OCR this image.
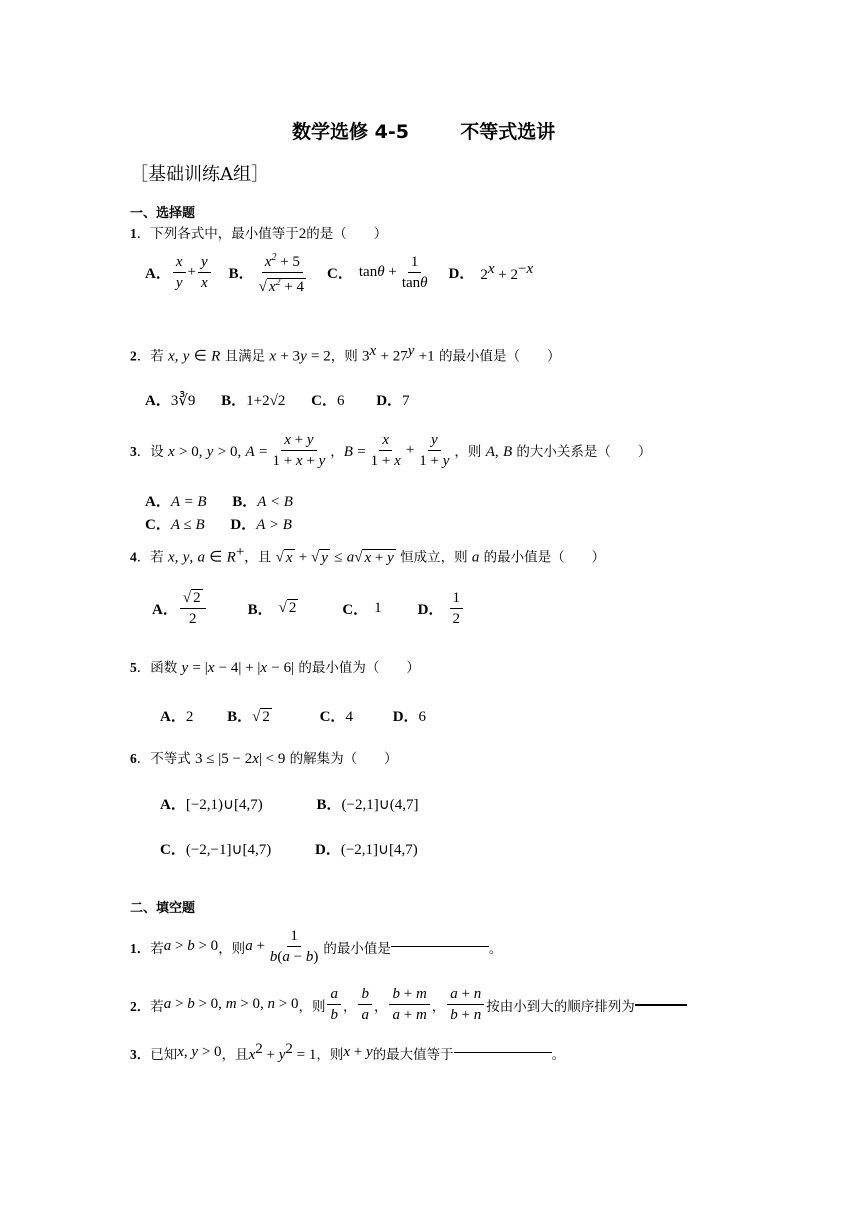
数学选修 4-5	不等式选讲
［基础训练A组］
一、选择题
1．下列各式中，最小值等于2的是（　　）
A． $\frac{x}{y} + \frac{y}{x}$ B． $\frac{x^2 + 5}{√ x^2 + 4}$ C． $\tan\theta + \frac{1}{\tan\theta}$ D． $2^x + 2^{-x}$
2．若 x, y ∈ R 且满足 x + 3y = 2，则 $3^x + 27^y +1$ 的最小值是（　　）
A．3∛9 B．1+2√2 C．6 D．7
3．设 x > 0, y > 0, $A = \frac{x + y}{1 + x + y}$ ，$B = \frac{x}{1 + x} + \frac{y}{1 + y}$ ，则 A, B 的大小关系是（　　）
A．A = B B．A < B
C．A ≤ B D．A > B
4．若 x, y, a ∈ R+，且 √ x + √ y ≤ a√ x + y 恒成立，则 a 的最小值是（　　）
A． $\frac{√ 2}{2}$	B． √ 2	C． 1 D． $\frac{1}{2}$
5．函数 y = |x − 4| + |x − 6| 的最小值为（　　）
A．2 B．√ 2	C．4	D．6
6．不等式 3 ≤ |5 − 2x| < 9 的解集为（　　）
A．[−2,1)∪[4,7)	B．(−2,1]∪(4,7]
C．(−2,−1]∪[4,7)	D．(−2,1]∪[4,7)
二、填空题
1． 若 a > b > 0 ，则 $a + \frac{1}{b(a - b)}$ 的最小值是	。
2． 若 a > b > 0, m > 0, n > 0 ，则 $\frac{a}{b}$ ， $\frac{b}{a}$ ， $\frac{b + m}{a + m}$ ， $\frac{a + n}{b + n}$ 按由小到大的顺序排列为
3． 已知 x, y > 0 ，且 $x^2 + y^2 = 1$ ，则 x + y 的最大值等于	。
